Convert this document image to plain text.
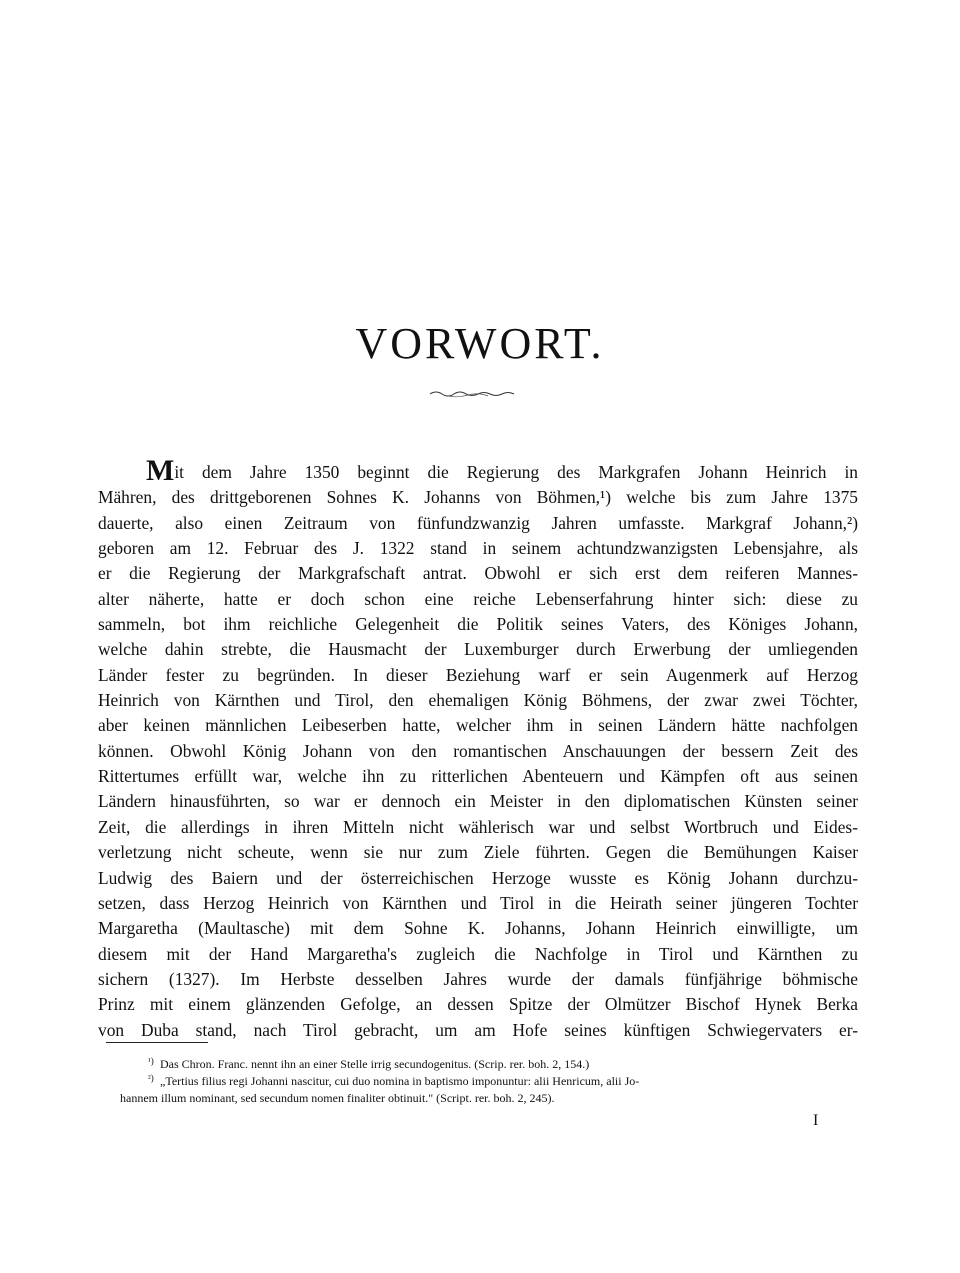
VORWORT.
Mit dem Jahre 1350 beginnt die Regierung des Markgrafen Johann Heinrich in
Mähren, des drittgeborenen Sohnes K. Johanns von Böhmen,¹) welche bis zum Jahre 1375
dauerte, also einen Zeitraum von fünfundzwanzig Jahren umfasste. Markgraf Johann,²)
geboren am 12. Februar des J. 1322 stand in seinem achtundzwanzigsten Lebensjahre, als
er die Regierung der Markgrafschaft antrat. Obwohl er sich erst dem reiferen Mannes-
alter näherte, hatte er doch schon eine reiche Lebenserfahrung hinter sich: diese zu
sammeln, bot ihm reichliche Gelegenheit die Politik seines Vaters, des Königes Johann,
welche dahin strebte, die Hausmacht der Luxemburger durch Erwerbung der umliegenden
Länder fester zu begründen. In dieser Beziehung warf er sein Augenmerk auf Herzog
Heinrich von Kärnthen und Tirol, den ehemaligen König Böhmens, der zwar zwei Töchter,
aber keinen männlichen Leibeserben hatte, welcher ihm in seinen Ländern hätte nachfolgen
können. Obwohl König Johann von den romantischen Anschauungen der bessern Zeit des
Rittertumes erfüllt war, welche ihn zu ritterlichen Abenteuern und Kämpfen oft aus seinen
Ländern hinausführten, so war er dennoch ein Meister in den diplomatischen Künsten seiner
Zeit, die allerdings in ihren Mitteln nicht wählerisch war und selbst Wortbruch und Eides-
verletzung nicht scheute, wenn sie nur zum Ziele führten. Gegen die Bemühungen Kaiser
Ludwig des Baiern und der österreichischen Herzoge wusste es König Johann durchzu-
setzen, dass Herzog Heinrich von Kärnthen und Tirol in die Heirath seiner jüngeren Tochter
Margaretha (Maultasche) mit dem Sohne K. Johanns, Johann Heinrich einwilligte, um
diesem mit der Hand Margaretha's zugleich die Nachfolge in Tirol und Kärnthen zu
sichern (1327). Im Herbste desselben Jahres wurde der damals fünfjährige böhmische
Prinz mit einem glänzenden Gefolge, an dessen Spitze der Olmützer Bischof Hynek Berka
von Duba stand, nach Tirol gebracht, um am Hofe seines künftigen Schwiegervaters er-
¹) Das Chron. Franc. nennt ihn an einer Stelle irrig secundogenitus. (Scrip. rer. boh. 2, 154.)
²) „Tertius filius regi Johanni nascitur, cui duo nomina in baptismo imponuntur: alii Henricum, alii Jo-
hannem illum nominant, sed secundum nomen finaliter obtinuit." (Script. rer. boh. 2, 245).
I
